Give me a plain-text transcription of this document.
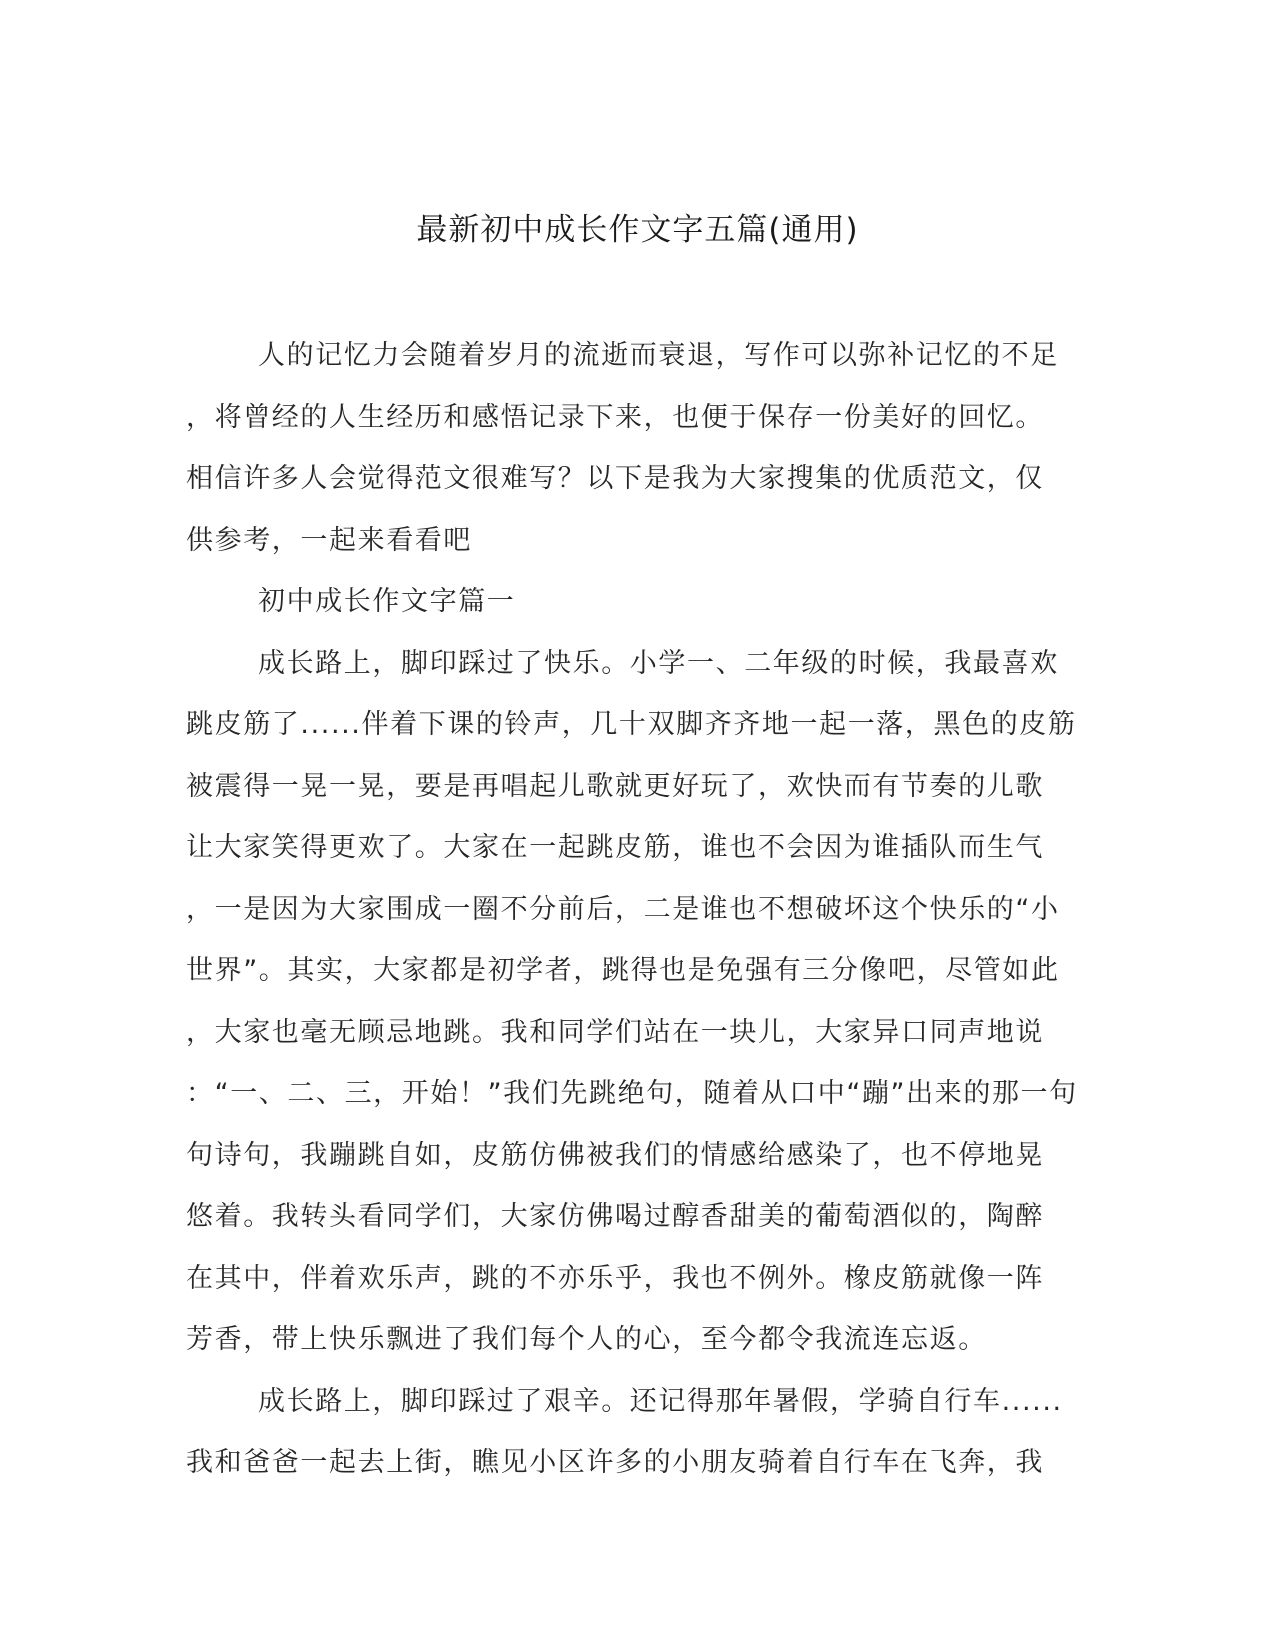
最新初中成长作文字五篇(通用)
人的记忆力会随着岁月的流逝而衰退，写作可以弥补记忆的不足
，将曾经的人生经历和感悟记录下来，也便于保存一份美好的回忆。
相信许多人会觉得范文很难写？以下是我为大家搜集的优质范文，仅
供参考，一起来看看吧
初中成长作文字篇一
成长路上，脚印踩过了快乐。小学一、二年级的时候，我最喜欢
跳皮筋了......伴着下课的铃声，几十双脚齐齐地一起一落，黑色的皮筋
被震得一晃一晃，要是再唱起儿歌就更好玩了，欢快而有节奏的儿歌
让大家笑得更欢了。大家在一起跳皮筋，谁也不会因为谁插队而生气
，一是因为大家围成一圈不分前后，二是谁也不想破坏这个快乐的“小
世界”。其实，大家都是初学者，跳得也是免强有三分像吧，尽管如此
，大家也毫无顾忌地跳。我和同学们站在一块儿，大家异口同声地说
：“一、二、三，开始！”我们先跳绝句，随着从口中“蹦”出来的那一句
句诗句，我蹦跳自如，皮筋仿佛被我们的情感给感染了，也不停地晃
悠着。我转头看同学们，大家仿佛喝过醇香甜美的葡萄酒似的，陶醉
在其中，伴着欢乐声，跳的不亦乐乎，我也不例外。橡皮筋就像一阵
芳香，带上快乐飘进了我们每个人的心，至今都令我流连忘返。
成长路上，脚印踩过了艰辛。还记得那年暑假，学骑自行车......
我和爸爸一起去上街，瞧见小区许多的小朋友骑着自行车在飞奔，我
